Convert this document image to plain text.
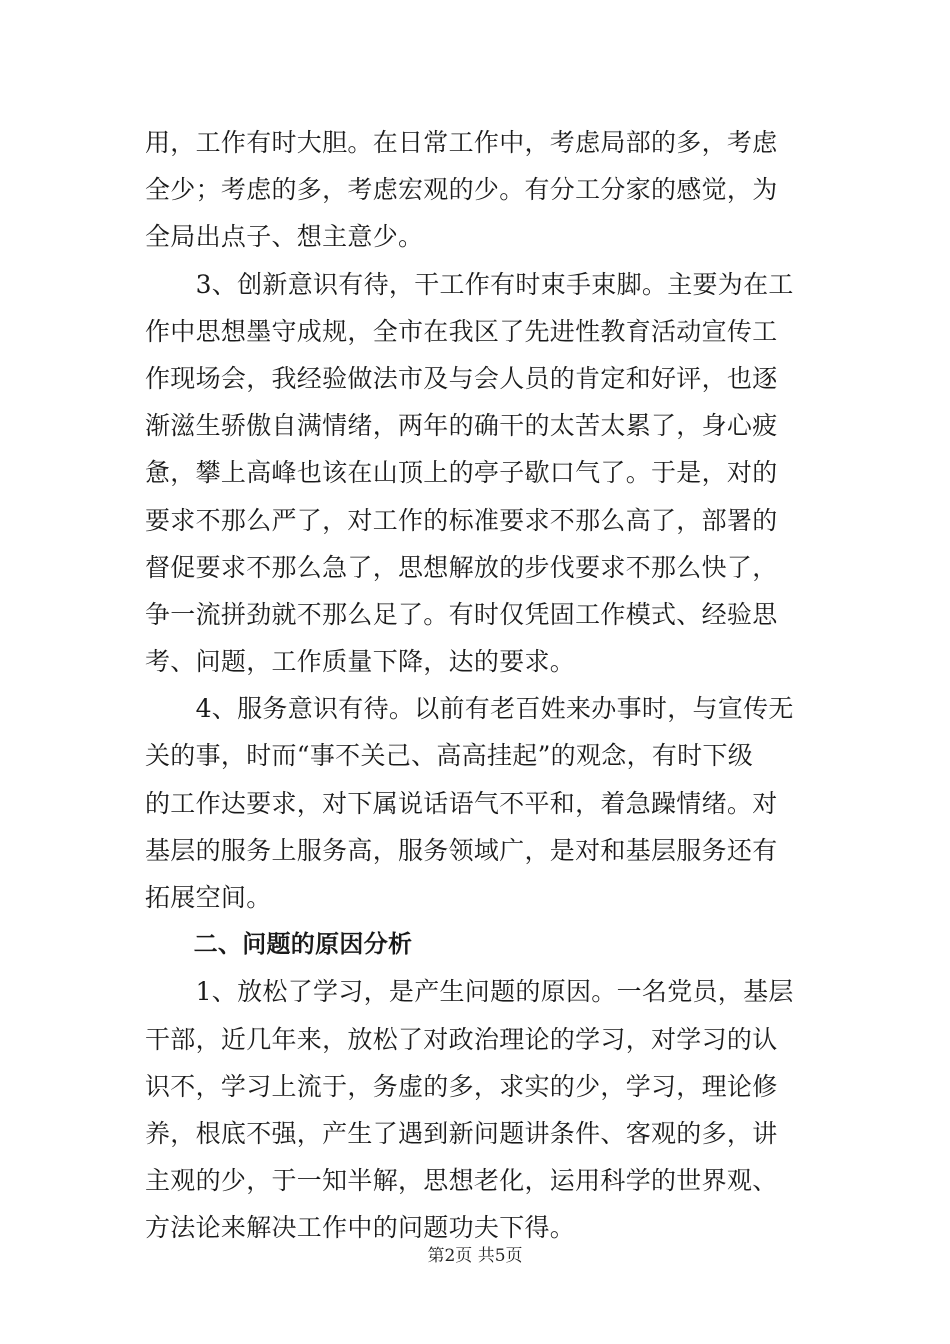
用，工作有时大胆。在日常工作中，考虑局部的多，考虑
全少；考虑的多，考虑宏观的少。有分工分家的感觉，为
全局出点子、想主意少。
　　3、创新意识有待，干工作有时束手束脚。主要为在工
作中思想墨守成规，全市在我区了先进性教育活动宣传工
作现场会，我经验做法市及与会人员的肯定和好评，也逐
渐滋生骄傲自满情绪，两年的确干的太苦太累了，身心疲
惫，攀上高峰也该在山顶上的亭子歇口气了。于是，对的
要求不那么严了，对工作的标准要求不那么高了，部署的
督促要求不那么急了，思想解放的步伐要求不那么快了，
争一流拼劲就不那么足了。有时仅凭固工作模式、经验思
考、问题，工作质量下降，达的要求。
　　4、服务意识有待。以前有老百姓来办事时，与宣传无
关的事，时而“事不关己、高高挂起”的观念，有时下级
的工作达要求，对下属说话语气不平和，着急躁情绪。对
基层的服务上服务高，服务领域广，是对和基层服务还有
拓展空间。
　　二、问题的原因分析
　　1、放松了学习，是产生问题的原因。一名党员，基层
干部，近几年来，放松了对政治理论的学习，对学习的认
识不，学习上流于，务虚的多，求实的少，学习，理论修
养，根底不强，产生了遇到新问题讲条件、客观的多，讲
主观的少，于一知半解，思想老化，运用科学的世界观、
方法论来解决工作中的问题功夫下得。
第2页 共5页
